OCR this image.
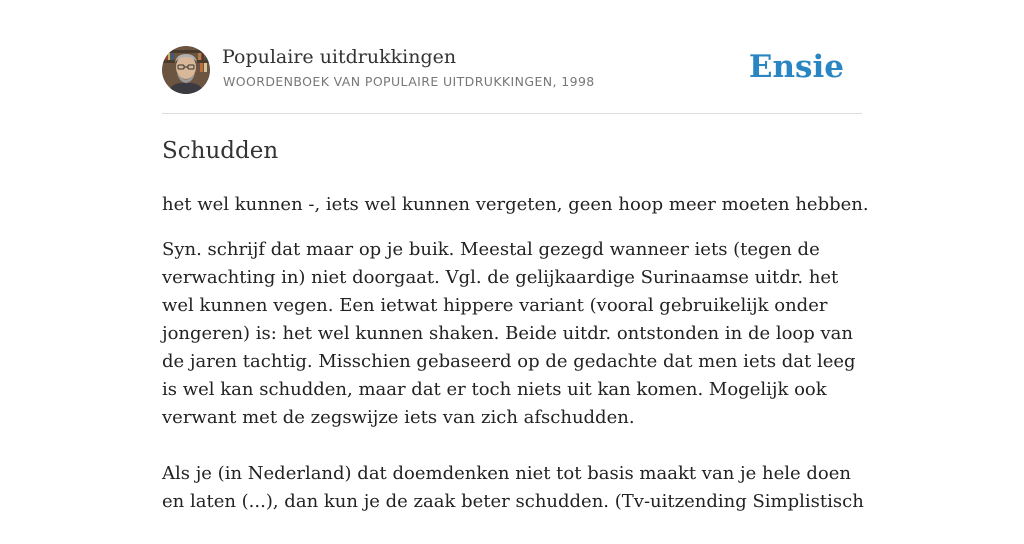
Populaire uitdrukkingen
WOORDENBOEK VAN POPULAIRE UITDRUKKINGEN, 1998	Ensie
Schudden
het wel kunnen -, iets wel kunnen vergeten, geen hoop meer moeten hebben.

Syn. schrijf dat maar op je buik. Meestal gezegd wanneer iets (tegen de verwachting in) niet doorgaat. Vgl. de gelijkaardige Surinaamse uitdr. het wel kunnen vegen. Een ietwat hippere variant (vooral gebruikelijk onder jongeren) is: het wel kunnen shaken. Beide uitdr. ontstonden in de loop van de jaren tachtig. Misschien gebaseerd op de gedachte dat men iets dat leeg is wel kan schudden, maar dat er toch niets uit kan komen. Mogelijk ook verwant met de zegswijze iets van zich afschudden.

Als je (in Nederland) dat doemdenken niet tot basis maakt van je hele doen en laten (...), dan kun je de zaak beter schudden. (Tv-uitzending Simplistisch
